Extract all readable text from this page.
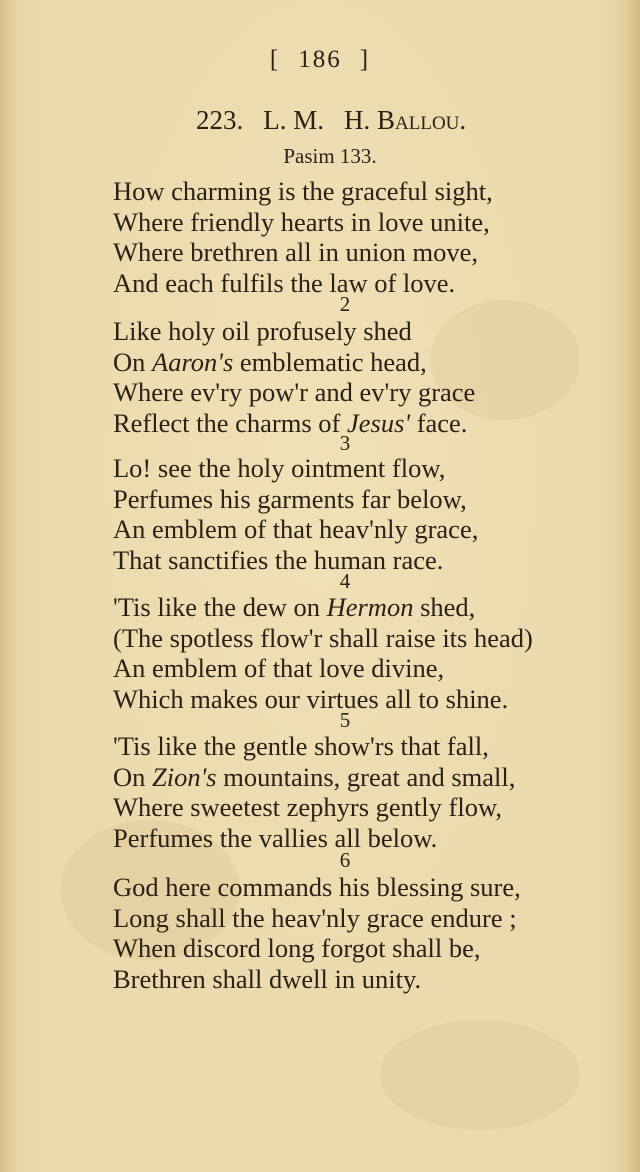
[ 186 ]
223. L. M. H. Ballou.
Pasim 133.
How charming is the graceful sight,
Where friendly hearts in love unite,
Where brethren all in union move,
And each fulfils the law of love.
2
Like holy oil profusely shed
On Aaron's emblematic head,
Where ev'ry pow'r and ev'ry grace
Reflect the charms of Jesus' face.
3
Lo! see the holy ointment flow,
Perfumes his garments far below,
An emblem of that heav'nly grace,
That sanctifies the human race.
4
'Tis like the dew on Hermon shed,
(The spotless flow'r shall raise its head)
An emblem of that love divine,
Which makes our virtues all to shine.
5
'Tis like the gentle show'rs that fall,
On Zion's mountains, great and small,
Where sweetest zephyrs gently flow,
Perfumes the vallies all below.
6
God here commands his blessing sure,
Long shall the heav'nly grace endure ;
When discord long forgot shall be,
Brethren shall dwell in unity.
